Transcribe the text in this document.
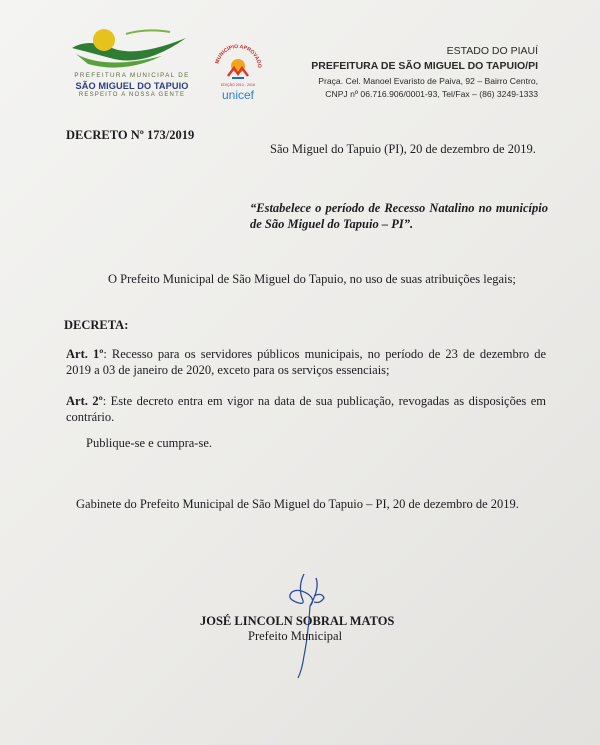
PREFEITURA MUNICIPAL DE
SÃO MIGUEL DO TAPUIO
RESPEITO A NOSSA GENTE
MUNICÍPIO APROVADO
EDIÇÃO 2013 - 2016
unicef
ESTADO DO PIAUÍ
PREFEITURA DE SÃO MIGUEL DO TAPUIO/PI
Praça. Cel. Manoel Evaristo de Paiva, 92 – Bairro Centro,
CNPJ nº 06.716.906/0001-93, Tel/Fax – (86) 3249-1333
DECRETO Nº 173/2019
São Miguel do Tapuio (PI), 20 de dezembro de 2019.
“Estabelece o período de Recesso Natalino no município de São Miguel do Tapuio – PI”.
O Prefeito Municipal de São Miguel do Tapuio, no uso de suas atribuições legais;
DECRETA:
Art. 1º: Recesso para os servidores públicos municipais, no período de 23 de dezembro de 2019 a 03 de janeiro de 2020, exceto para os serviços essenciais;
Art. 2º: Este decreto entra em vigor na data de sua publicação, revogadas as disposições em contrário.
Publique-se e cumpra-se.
Gabinete do Prefeito Municipal de São Miguel do Tapuio – PI, 20 de dezembro de 2019.
JOSÉ LINCOLN SOBRAL MATOS
Prefeito Municipal
